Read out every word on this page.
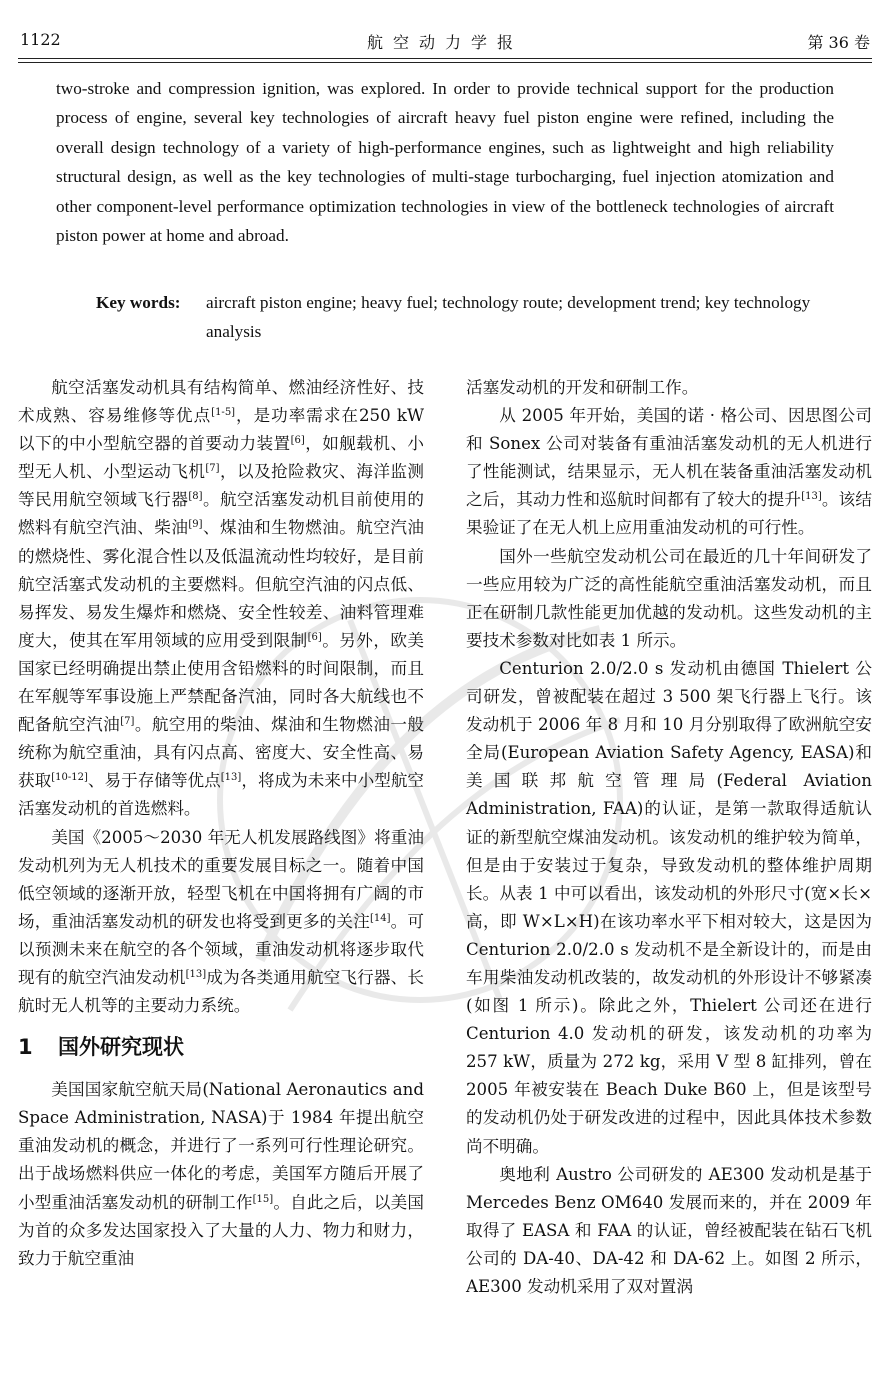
1122	航空动力学报	第 36 卷
two-stroke and compression ignition, was explored. In order to provide technical support for the production process of engine, several key technologies of aircraft heavy fuel piston engine were refined, including the overall design technology of a variety of high-performance engines, such as lightweight and high reliability structural design, as well as the key technologies of multi-stage turbocharging, fuel injection atomization and other component-level performance optimization technologies in view of the bottleneck technologies of aircraft piston power at home and abroad.
Key words:	aircraft piston engine; heavy fuel; technology route; development trend; key technology analysis

航空活塞发动机具有结构简单、燃油经济性好、技术成熟、容易维修等优点[1-5]，是功率需求在250 kW 以下的中小型航空器的首要动力装置[6]，如舰载机、小型无人机、小型运动飞机[7]，以及抢险救灾、海洋监测等民用航空领域飞行器[8]。航空活塞发动机目前使用的燃料有航空汽油、柴油[9]、煤油和生物燃油。航空汽油的燃烧性、雾化混合性以及低温流动性均较好，是目前航空活塞式发动机的主要燃料。但航空汽油的闪点低、易挥发、易发生爆炸和燃烧、安全性较差、油料管理难度大，使其在军用领域的应用受到限制[6]。另外，欧美国家已经明确提出禁止使用含铅燃料的时间限制，而且在军舰等军事设施上严禁配备汽油，同时各大航线也不配备航空汽油[7]。航空用的柴油、煤油和生物燃油一般统称为航空重油，具有闪点高、密度大、安全性高、易获取[10-12]、易于存储等优点[13]，将成为未来中小型航空活塞发动机的首选燃料。

美国《2005～2030 年无人机发展路线图》将重油发动机列为无人机技术的重要发展目标之一。随着中国低空领域的逐渐开放，轻型飞机在中国将拥有广阔的市场，重油活塞发动机的研发也将受到更多的关注[14]。可以预测未来在航空的各个领域，重油发动机将逐步取代现有的航空汽油发动机[13]成为各类通用航空飞行器、长航时无人机等的主要动力系统。

1 国外研究现状

美国国家航空航天局(National Aeronautics and Space Administration, NASA)于 1984 年提出航空重油发动机的概念，并进行了一系列可行性理论研究。出于战场燃料供应一体化的考虑，美国军方随后开展了小型重油活塞发动机的研制工作[15]。自此之后，以美国为首的众多发达国家投入了大量的人力、物力和财力，致力于航空重油

活塞发动机的开发和研制工作。

从 2005 年开始，美国的诺 · 格公司、因思图公司和 Sonex 公司对装备有重油活塞发动机的无人机进行了性能测试，结果显示，无人机在装备重油活塞发动机之后，其动力性和巡航时间都有了较大的提升[13]。该结果验证了在无人机上应用重油发动机的可行性。

国外一些航空发动机公司在最近的几十年间研发了一些应用较为广泛的高性能航空重油活塞发动机，而且正在研制几款性能更加优越的发动机。这些发动机的主要技术参数对比如表 1 所示。

Centurion 2.0/2.0 s 发动机由德国 Thielert 公司研发，曾被配装在超过 3 500 架飞行器上飞行。该发动机于 2006 年 8 月和 10 月分别取得了欧洲航空安全局(European Aviation Safety Agency, EASA)和美国联邦航空管理局(Federal Aviation Administration, FAA)的认证，是第一款取得适航认证的新型航空煤油发动机。该发动机的维护较为简单，但是由于安装过于复杂，导致发动机的整体维护周期长。从表 1 中可以看出，该发动机的外形尺寸(宽×长×高，即 W×L×H)在该功率水平下相对较大，这是因为 Centurion 2.0/2.0 s 发动机不是全新设计的，而是由车用柴油发动机改装的，故发动机的外形设计不够紧凑(如图 1 所示)。除此之外，Thielert 公司还在进行 Centurion 4.0 发动机的研发，该发动机的功率为 257 kW，质量为 272 kg，采用 V 型 8 缸排列，曾在 2005 年被安装在 Beach Duke B60 上，但是该型号的发动机仍处于研发改进的过程中，因此具体技术参数尚不明确。

奥地利 Austro 公司研发的 AE300 发动机是基于 Mercedes Benz OM640 发展而来的，并在 2009 年取得了 EASA 和 FAA 的认证，曾经被配装在钻石飞机公司的 DA-40、DA-42 和 DA-62 上。如图 2 所示，AE300 发动机采用了双对置涡
